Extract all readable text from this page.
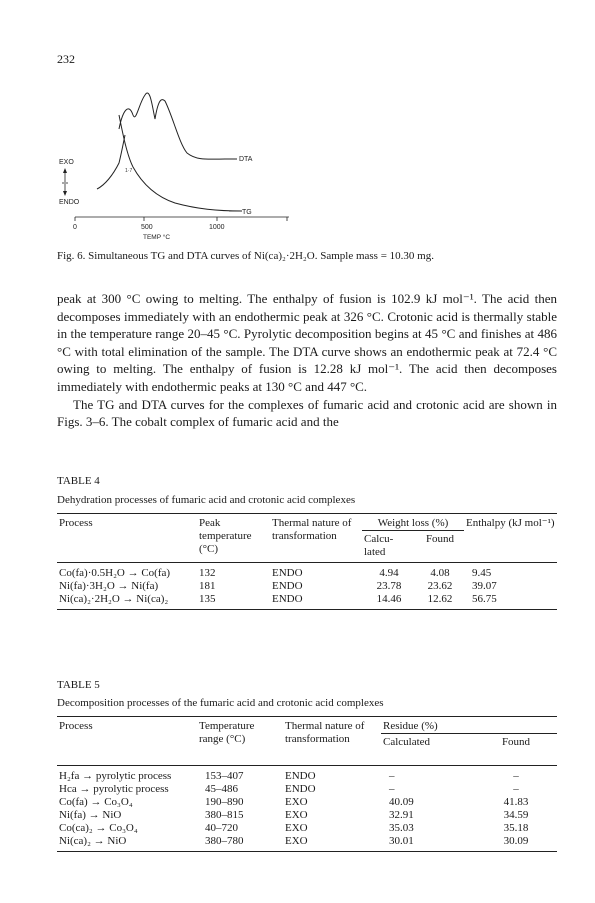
232
1·7
DTA
TG
EXO
ENDO
0	500	1000
TEMP °C
Fig. 6. Simultaneous TG and DTA curves of Ni(ca)₂·2H₂O. Sample mass = 10.30 mg.

peak at 300 °C owing to melting. The enthalpy of fusion is 102.9 kJ mol⁻¹. The acid then decomposes immediately with an endothermic peak at 326 °C. Crotonic acid is thermally stable in the temperature range 20–45 °C. Pyrolytic decomposition begins at 45 °C and finishes at 486 °C with total elimination of the sample. The DTA curve shows an endothermic peak at 72.4 °C owing to melting. The enthalpy of fusion is 12.28 kJ mol⁻¹. The acid then decomposes immediately with endothermic peaks at 130 °C and 447 °C.

The TG and DTA curves for the complexes of fumaric acid and crotonic acid are shown in Figs. 3–6. The cobalt complex of fumaric acid and the

TABLE 4
Dehydration processes of fumaric acid and crotonic acid complexes
Process	Peak temperature (°C)	Thermal nature of transformation	Weight loss (%)		Enthalpy (kJ mol⁻¹)
			Calcu- lated	Found	
Co(fa)·0.5H₂O → Co(fa)	132	ENDO	4.94	4.08	9.45
Ni(fa)·3H₂O → Ni(fa)	181	ENDO	23.78	23.62	39.07
Ni(ca)₂·2H₂O → Ni(ca)₂	135	ENDO	14.46	12.62	56.75
TABLE 5
Decomposition processes of the fumaric acid and crotonic acid complexes
Process	Temperature range (°C)	Thermal nature of transformation	Residue (%)	
			Calculated	Found
H₂fa → pyrolytic process	153–407	ENDO	–	–
Hca → pyrolytic process	45–486	ENDO	–	–
Co(fa) → Co₃O₄	190–890	EXO	40.09	41.83
Ni(fa) → NiO	380–815	EXO	32.91	34.59
Co(ca)₂ → Co₃O₄	40–720	EXO	35.03	35.18
Ni(ca)₂ → NiO	380–780	EXO	30.01	30.09
